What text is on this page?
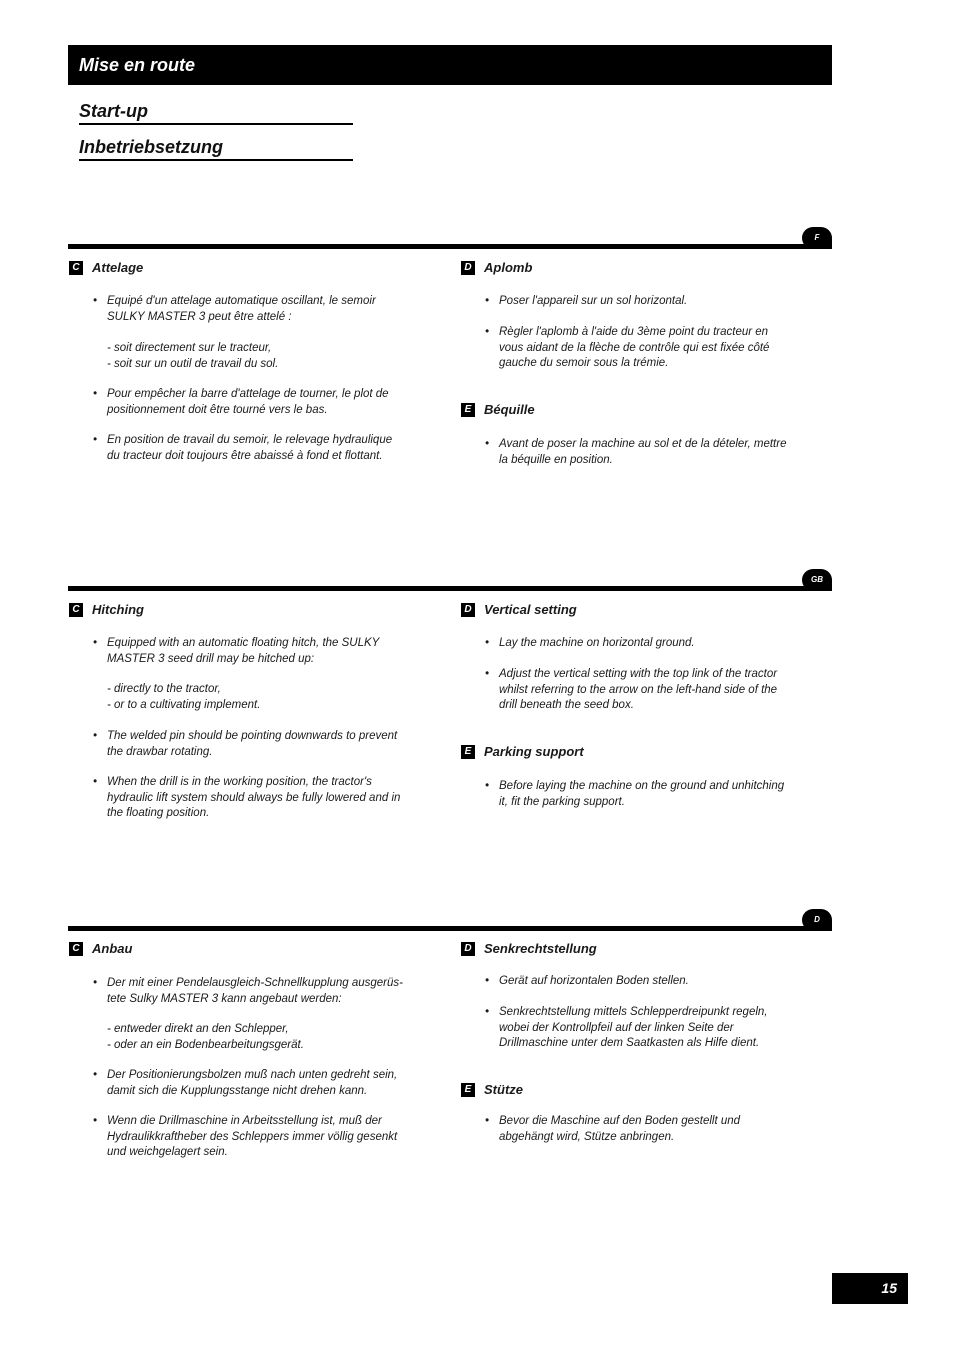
Mise en route
Start-up
Inbetriebsetzung
F
C Attelage
• Equipé d'un attelage automatique oscillant, le semoir
SULKY MASTER 3 peut être attelé :
- soit directement sur le tracteur,
- soit sur un outil de travail du sol.
• Pour empêcher la barre d'attelage de tourner, le plot de
positionnement doit être tourné vers le bas.
• En position de travail du semoir, le relevage hydraulique
du tracteur doit toujours être abaissé à fond et flottant.
D Aplomb
• Poser l'appareil sur un sol horizontal.
• Règler l'aplomb à l'aide du 3ème point du tracteur en
vous aidant de la flèche de contrôle qui est fixée côté
gauche du semoir sous la trémie.
E Béquille
• Avant de poser la machine au sol et de la dételer, mettre
la béquille en position.
GB
C Hitching
• Equipped with an automatic floating hitch, the SULKY
MASTER 3 seed drill may be hitched up:
- directly to the tractor,
- or to a cultivating implement.
• The welded pin should be pointing downwards to prevent
the drawbar rotating.
• When the drill is in the working position, the tractor's
hydraulic lift system should always be fully lowered and in
the floating position.
D Vertical setting
• Lay the machine on horizontal ground.
• Adjust the vertical setting with the top link of the tractor
whilst referring to the arrow on the left-hand side of the
drill beneath the seed box.
E Parking support
• Before laying the machine on the ground and unhitching
it, fit the parking support.
D
C Anbau
• Der mit einer Pendelausgleich-Schnellkupplung ausgerüs-
tete Sulky MASTER 3 kann angebaut werden:
- entweder direkt an den Schlepper,
- oder an ein Bodenbearbeitungsgerät.
• Der Positionierungsbolzen muß nach unten gedreht sein,
damit sich die Kupplungsstange nicht drehen kann.
• Wenn die Drillmaschine in Arbeitsstellung ist, muß der
Hydraulikkraftheber des Schleppers immer völlig gesenkt
und weichgelagert sein.
D Senkrechtstellung
• Gerät auf horizontalen Boden stellen.
• Senkrechtstellung mittels Schlepperdreipunkt regeln,
wobei der Kontrollpfeil auf der linken Seite der
Drillmaschine unter dem Saatkasten als Hilfe dient.
E Stütze
• Bevor die Maschine auf den Boden gestellt und
abgehängt wird, Stütze anbringen.
15
